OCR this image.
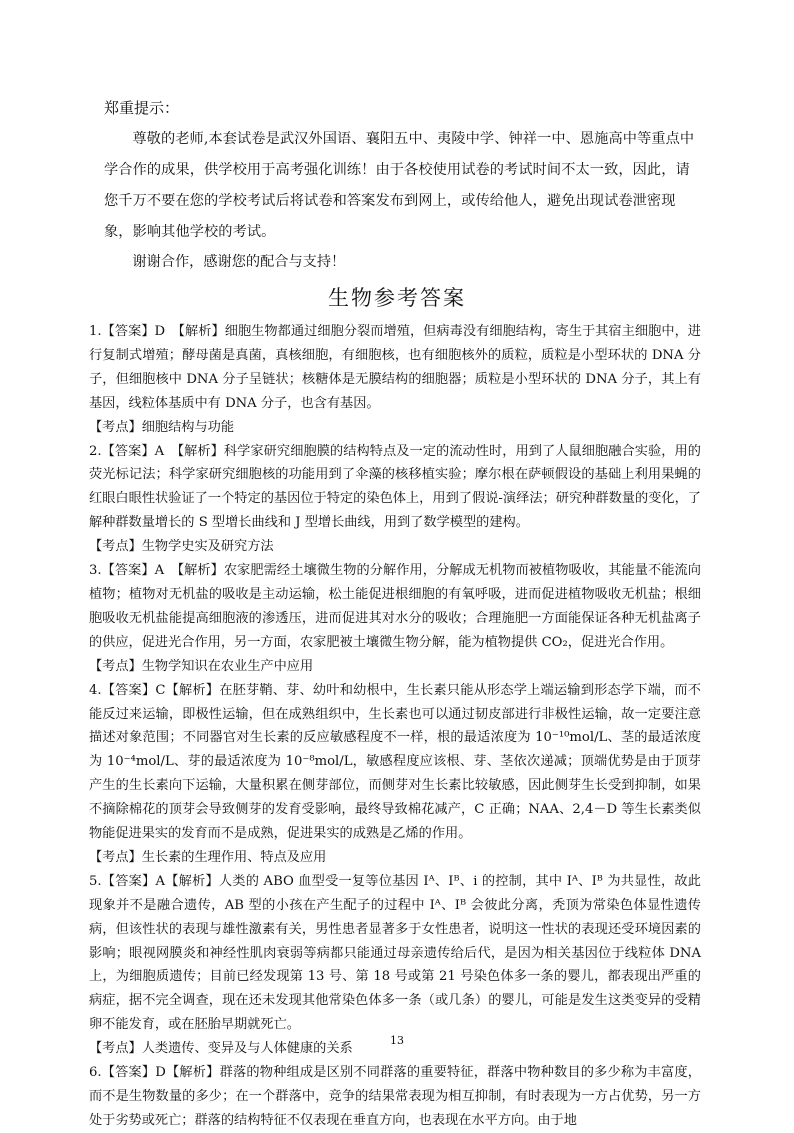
郑重提示：
尊敬的老师,本套试卷是武汉外国语、襄阳五中、夷陵中学、钟祥一中、恩施高中等重点中学合作的成果，供学校用于高考强化训练！由于各校使用试卷的考试时间不太一致，因此，请您千万不要在您的学校考试后将试卷和答案发布到网上，或传给他人，避免出现试卷泄密现象，影响其他学校的考试。
谢谢合作，感谢您的配合与支持！
生物参考答案

1.【答案】D　【解析】细胞生物都通过细胞分裂而增殖，但病毒没有细胞结构，寄生于其宿主细胞中，进行复制式增殖；酵母菌是真菌，真核细胞，有细胞核，也有细胞核外的质粒，质粒是小型环状的 DNA 分子，但细胞核中 DNA 分子呈链状；核糖体是无膜结构的细胞器；质粒是小型环状的 DNA 分子，其上有基因，线粒体基质中有 DNA 分子，也含有基因。

【考点】细胞结构与功能

2.【答案】A　【解析】科学家研究细胞膜的结构特点及一定的流动性时，用到了人鼠细胞融合实验，用的荧光标记法；科学家研究细胞核的功能用到了伞藻的核移植实验；摩尔根在萨顿假设的基础上利用果蝇的红眼白眼性状验证了一个特定的基因位于特定的染色体上，用到了假说-演绎法；研究种群数量的变化，了解种群数量增长的 S 型增长曲线和 J 型增长曲线，用到了数学模型的建构。

【考点】生物学史实及研究方法

3.【答案】A　【解析】农家肥需经土壤微生物的分解作用，分解成无机物而被植物吸收，其能量不能流向植物；植物对无机盐的吸收是主动运输，松土能促进根细胞的有氧呼吸，进而促进植物吸收无机盐；根细胞吸收无机盐能提高细胞液的渗透压，进而促进其对水分的吸收；合理施肥一方面能保证各种无机盐离子的供应，促进光合作用，另一方面，农家肥被土壤微生物分解，能为植物提供 CO₂，促进光合作用。

【考点】生物学知识在农业生产中应用

4.【答案】C【解析】在胚芽鞘、芽、幼叶和幼根中，生长素只能从形态学上端运输到形态学下端，而不能反过来运输，即极性运输，但在成熟组织中，生长素也可以通过韧皮部进行非极性运输，故一定要注意描述对象范围；不同器官对生长素的反应敏感程度不一样，根的最适浓度为 10⁻¹⁰mol/L、茎的最适浓度为 10⁻⁴mol/L、芽的最适浓度为 10⁻⁸mol/L，敏感程度应该根、芽、茎依次递减；顶端优势是由于顶芽产生的生长素向下运输，大量积累在侧芽部位，而侧芽对生长素比较敏感，因此侧芽生长受到抑制，如果不摘除棉花的顶芽会导致侧芽的发育受影响，最终导致棉花减产，C 正确；NAA、2,4－D 等生长素类似物能促进果实的发育而不是成熟，促进果实的成熟是乙烯的作用。

【考点】生长素的生理作用、特点及应用

5.【答案】A【解析】人类的 ABO 血型受一复等位基因 Iᴬ、Iᴮ、i 的控制，其中 Iᴬ、Iᴮ 为共显性，故此现象并不是融合遗传，AB 型的小孩在产生配子的过程中 Iᴬ、Iᴮ 会彼此分离，秃顶为常染色体显性遗传病，但该性状的表现与雄性激素有关，男性患者显著多于女性患者，说明这一性状的表现还受环境因素的影响；眼视网膜炎和神经性肌肉衰弱等病都只能通过母亲遗传给后代，是因为相关基因位于线粒体 DNA 上，为细胞质遗传；目前已经发现第 13 号、第 18 号或第 21 号染色体多一条的婴儿，都表现出严重的病症，据不完全调查，现在还未发现其他常染色体多一条（或几条）的婴儿，可能是发生这类变异的受精卵不能发育，或在胚胎早期就死亡。

【考点】人类遗传、变异及与人体健康的关系

6.【答案】D【解析】群落的物种组成是区别不同群落的重要特征，群落中物种数目的多少称为丰富度，而不是生物数量的多少；在一个群落中，竞争的结果常表现为相互抑制，有时表现为一方占优势，另一方处于劣势或死亡；群落的结构特征不仅表现在垂直方向，也表现在水平方向。由于地

13
